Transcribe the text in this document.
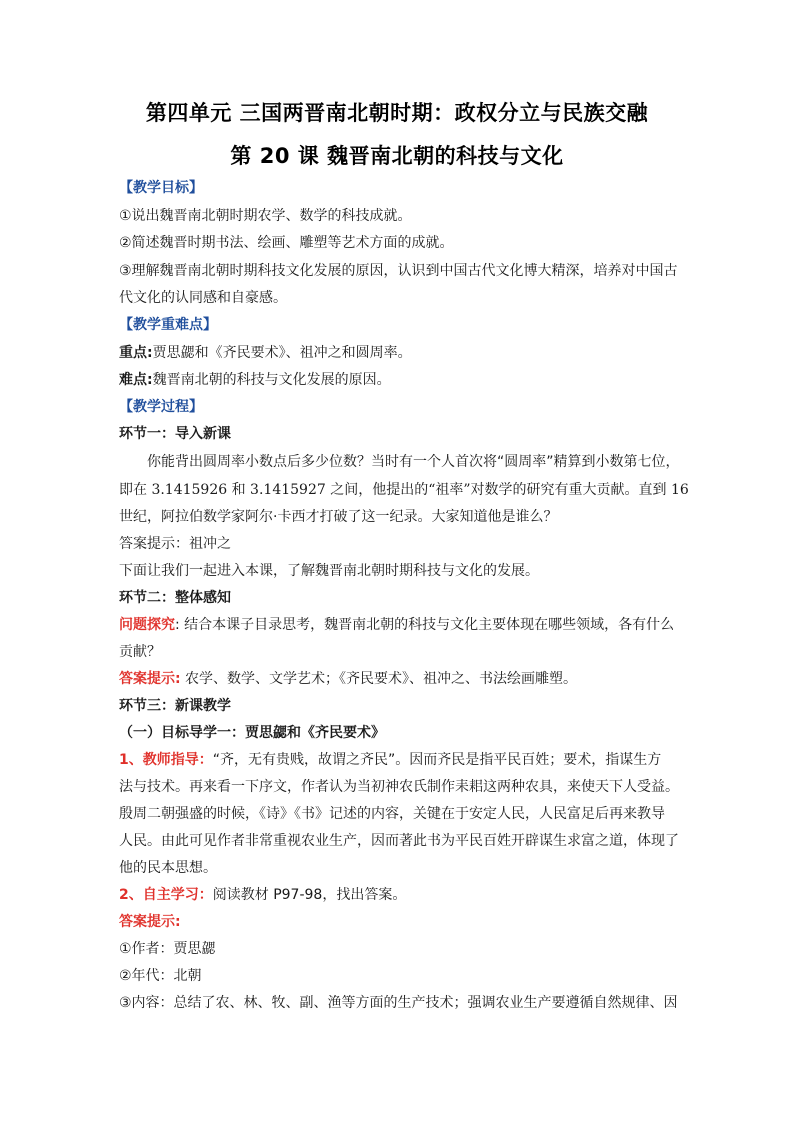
第四单元 三国两晋南北朝时期：政权分立与民族交融
第 20 课 魏晋南北朝的科技与文化
【教学目标】
①说出魏晋南北朝时期农学、数学的科技成就。
②简述魏晋时期书法、绘画、雕塑等艺术方面的成就。
③理解魏晋南北朝时期科技文化发展的原因，认识到中国古代文化博大精深，培养对中国古
代文化的认同感和自豪感。
【教学重难点】
重点:贾思勰和《齐民要术》、祖冲之和圆周率。
难点:魏晋南北朝的科技与文化发展的原因。
【教学过程】
环节一：导入新课
你能背出圆周率小数点后多少位数？当时有一个人首次将“圆周率”精算到小数第七位，
即在 3.1415926 和 3.1415927 之间，他提出的“祖率”对数学的研究有重大贡献。直到 16
世纪，阿拉伯数学家阿尔·卡西才打破了这一纪录。大家知道他是谁么？
答案提示：祖冲之
下面让我们一起进入本课，了解魏晋南北朝时期科技与文化的发展。
环节二：整体感知
问题探究: 结合本课子目录思考，魏晋南北朝的科技与文化主要体现在哪些领域，各有什么
贡献？
答案提示: 农学、数学、文学艺术；《齐民要术》、祖冲之、书法绘画雕塑。
环节三：新课教学
（一）目标导学一：贾思勰和《齐民要术》
1、教师指导：“齐，无有贵贱，故谓之齐民”。因而齐民是指平民百姓；要术，指谋生方
法与技术。再来看一下序文，作者认为当初神农氏制作耒耜这两种农具，来使天下人受益。
殷周二朝强盛的时候，《诗》《书》记述的内容，关键在于安定人民，人民富足后再来教导
人民。由此可见作者非常重视农业生产，因而著此书为平民百姓开辟谋生求富之道，体现了
他的民本思想。
2、自主学习：阅读教材 P97-98，找出答案。
答案提示:
①作者：贾思勰
②年代：北朝
③内容：总结了农、林、牧、副、渔等方面的生产技术；强调农业生产要遵循自然规律、因
